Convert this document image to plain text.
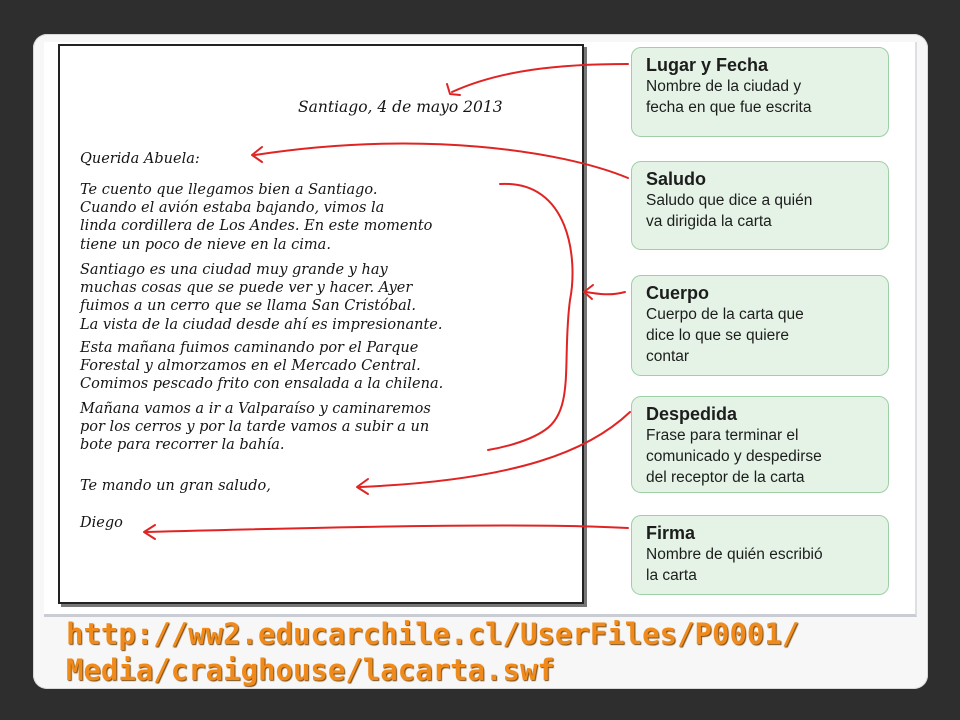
Santiago, 4 de mayo 2013
Querida Abuela:
Te cuento que llegamos bien a Santiago.
Cuando el avión estaba bajando, vimos la
linda cordillera de Los Andes. En este momento
tiene un poco de nieve en la cima.
Santiago es una ciudad muy grande y hay
muchas cosas que se puede ver y hacer. Ayer
fuimos a un cerro que se llama San Cristóbal.
La vista de la ciudad desde ahí es impresionante.
Esta mañana fuimos caminando por el Parque
Forestal y almorzamos en el Mercado Central.
Comimos pescado frito con ensalada a la chilena.
Mañana vamos a ir a Valparaíso y caminaremos
por los cerros y por la tarde vamos a subir a un
bote para recorrer la bahía.
Te mando un gran saludo,
Diego
Lugar y Fecha
Nombre de la ciudad y
fecha en que fue escrita
Saludo
Saludo que dice a quién
va dirigida la carta
Cuerpo
Cuerpo de la carta que
dice lo que se quiere
contar
Despedida
Frase para terminar el
comunicado y despedirse
del receptor de la carta
Firma
Nombre de quién escribió
la carta
http://ww2.educarchile.cl/UserFiles/P0001/
Media/craighouse/lacarta.swf
